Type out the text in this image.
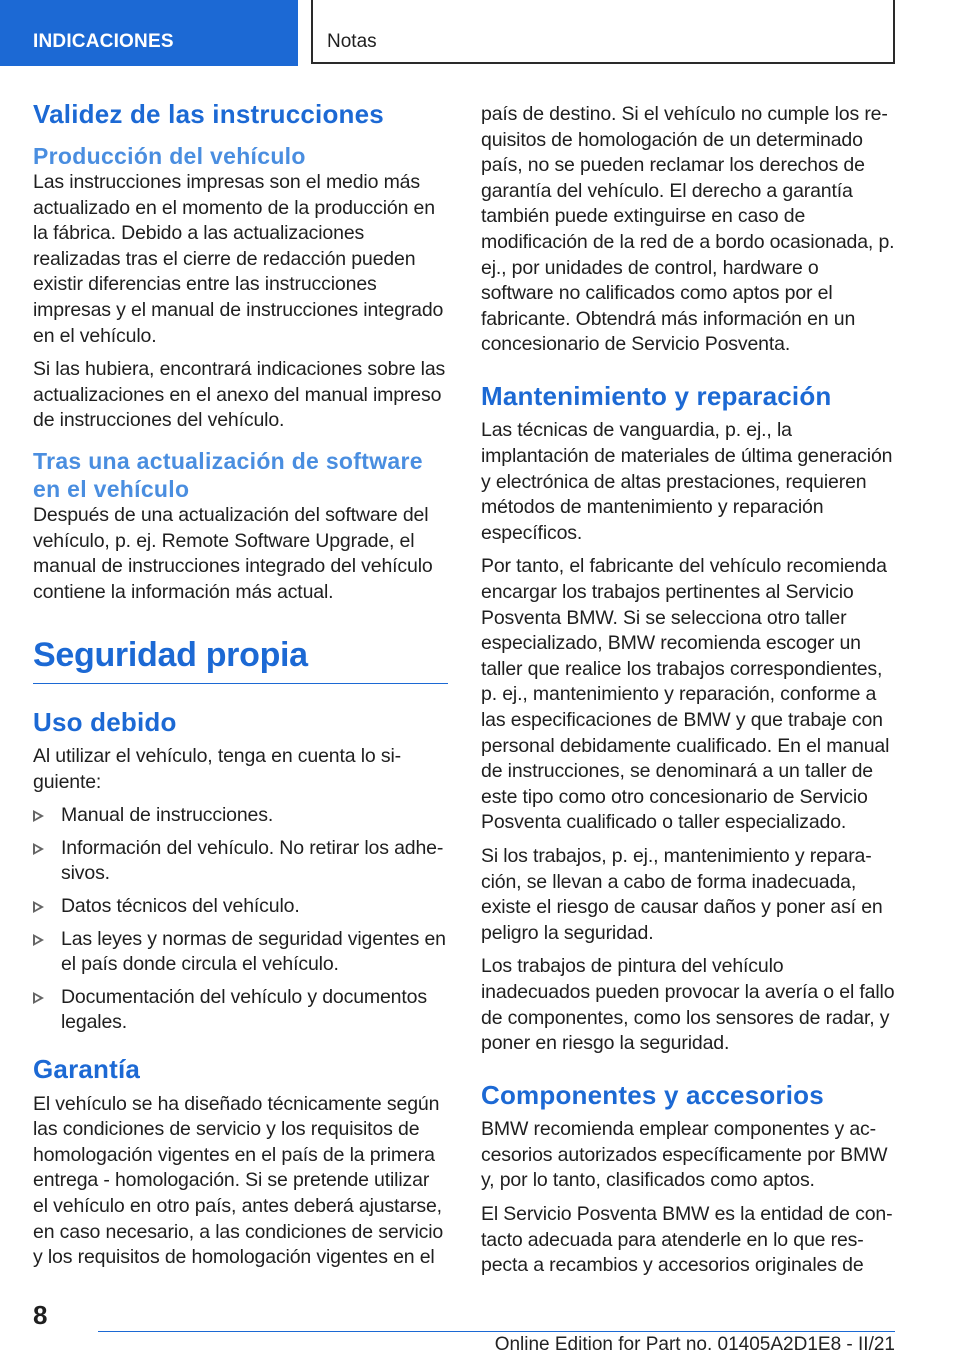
INDICACIONES	Notas
Validez de las instrucciones
Producción del vehículo

Las instrucciones impresas son el medio más actualizado en el momento de la producción en la fábrica. Debido a las actualizaciones realizadas tras el cierre de redacción pueden existir diferencias entre las instrucciones impresas y el manual de instrucciones integrado en el vehículo.

Si las hubiera, encontrará indicaciones sobre las actualizaciones en el anexo del manual impreso de instrucciones del vehículo.

Tras una actualización de software en el vehículo

Después de una actualización del software del vehículo, p. ej. Remote Software Upgrade, el manual de instrucciones integrado del vehículo contiene la información más actual.

Seguridad propia
Uso debido

Al utilizar el vehículo, tenga en cuenta lo siguiente:

Manual de instrucciones.
Información del vehículo. No retirar los adhesivos.
Datos técnicos del vehículo.
Las leyes y normas de seguridad vigentes en el país donde circula el vehículo.
Documentación del vehículo y documentos legales.
Garantía

El vehículo se ha diseñado técnicamente según las condiciones de servicio y los requisitos de homologación vigentes en el país de la primera entrega - homologación. Si se pretende utilizar el vehículo en otro país, antes deberá ajustarse, en caso necesario, a las condiciones de servicio y los requisitos de homologación vigentes en el

país de destino. Si el vehículo no cumple los requisitos de homologación de un determinado país, no se pueden reclamar los derechos de garantía del vehículo. El derecho a garantía también puede extinguirse en caso de modificación de la red de a bordo ocasionada, p. ej., por unidades de control, hardware o software no calificados como aptos por el fabricante. Obtendrá más información en un concesionario de Servicio Posventa.

Mantenimiento y reparación

Las técnicas de vanguardia, p. ej., la implantación de materiales de última generación y electrónica de altas prestaciones, requieren métodos de mantenimiento y reparación específicos.

Por tanto, el fabricante del vehículo recomienda encargar los trabajos pertinentes al Servicio Posventa BMW. Si se selecciona otro taller especializado, BMW recomienda escoger un taller que realice los trabajos correspondientes, p. ej., mantenimiento y reparación, conforme a las especificaciones de BMW y que trabaje con personal debidamente cualificado. En el manual de instrucciones, se denominará a un taller de este tipo como otro concesionario de Servicio Posventa cualificado o taller especializado.

Si los trabajos, p. ej., mantenimiento y reparación, se llevan a cabo de forma inadecuada, existe el riesgo de causar daños y poner así en peligro la seguridad.

Los trabajos de pintura del vehículo inadecuados pueden provocar la avería o el fallo de componentes, como los sensores de radar, y poner en riesgo la seguridad.

Componentes y accesorios

BMW recomienda emplear componentes y accesorios autorizados específicamente por BMW y, por lo tanto, clasificados como aptos.

El Servicio Posventa BMW es la entidad de contacto adecuada para atenderle en lo que respecta a recambios y accesorios originales de

8
Online Edition for Part no. 01405A2D1E8 - II/21
